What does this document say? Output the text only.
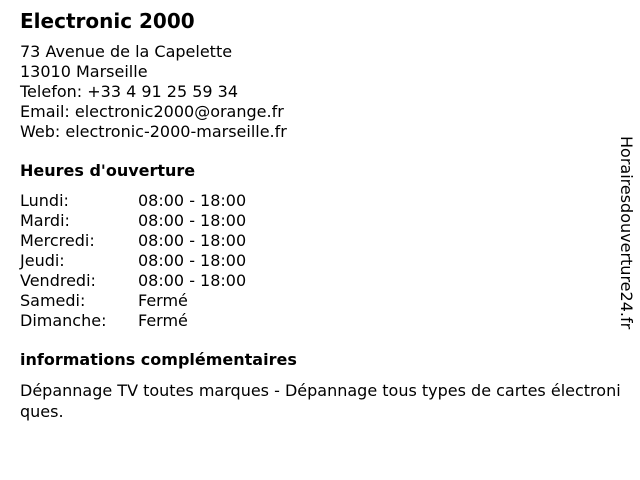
Electronic 2000
73 Avenue de la Capelette
13010 Marseille
Telefon: +33 4 91 25 59 34
Email: electronic2000@orange.fr
Web: electronic-2000-marseille.fr
Heures d'ouverture
Lundi:	08:00 - 18:00
Mardi:	08:00 - 18:00
Mercredi:	08:00 - 18:00
Jeudi:	08:00 - 18:00
Vendredi:	08:00 - 18:00
Samedi:	Fermé
Dimanche:	Fermé
informations complémentaires
Dépannage TV toutes marques - Dépannage tous types de cartes électroniques.
Horairesdouverture24.fr
